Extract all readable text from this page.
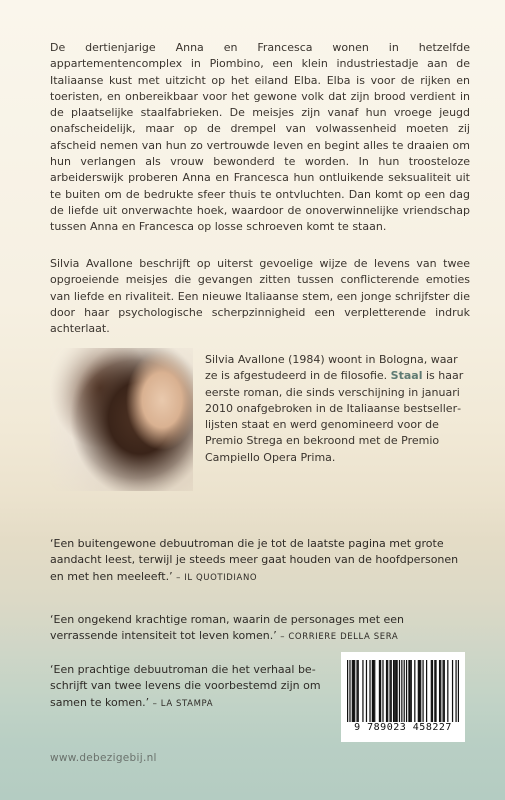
De dertienjarige Anna en Francesca wonen in hetzelfde appartementencomplex in Piombino, een klein industriestadje aan de Italiaanse kust met uitzicht op het eiland Elba. Elba is voor de rijken en toeristen, en onbereikbaar voor het gewone volk dat zijn brood verdient in de plaatselijke staalfabrieken. De meisjes zijn vanaf hun vroege jeugd onafscheidelijk, maar op de drempel van volwassenheid moeten zij afscheid nemen van hun zo vertrouwde leven en begint alles te draaien om hun verlangen als vrouw bewonderd te worden. In hun troosteloze arbeiderswijk proberen Anna en Francesca hun ontluikende seksualiteit uit te buiten om de bedrukte sfeer thuis te ontvluchten. Dan komt op een dag de liefde uit onverwachte hoek, waardoor de onoverwinnelijke vriendschap tussen Anna en Francesca op losse schroeven komt te staan.

Silvia Avallone beschrijft op uiterst gevoelige wijze de levens van twee opgroeiende meisjes die gevangen zitten tussen conflicterende emoties van liefde en rivaliteit. Een nieuwe Italiaanse stem, een jonge schrijfster die door haar psychologische scherpzinnigheid een verpletterende indruk achterlaat.

Silvia Avallone (1984) woont in Bologna, waar ze is afgestudeerd in de filosofie. Staal is haar eerste roman, die sinds verschijning in januari 2010 onafgebroken in de Italiaanse bestsellerlijsten staat en werd genomineerd voor de Premio Strega en bekroond met de Premio Campiello Opera Prima.

‘Een buitengewone debuutroman die je tot de laatste pagina met grote aandacht leest, terwijl je steeds meer gaat houden van de hoofdpersonen en met hen meeleeft.’ – IL QUOTIDIANO

‘Een ongekend krachtige roman, waarin de personages met een verrassende intensiteit tot leven komen.’ – CORRIERE DELLA SERA

‘Een prachtige debuutroman die het verhaal beschrijft van twee levens die voorbestemd zijn om samen te komen.’ – LA STAMPA

www.debezigebij.nl
9 789023 458227
